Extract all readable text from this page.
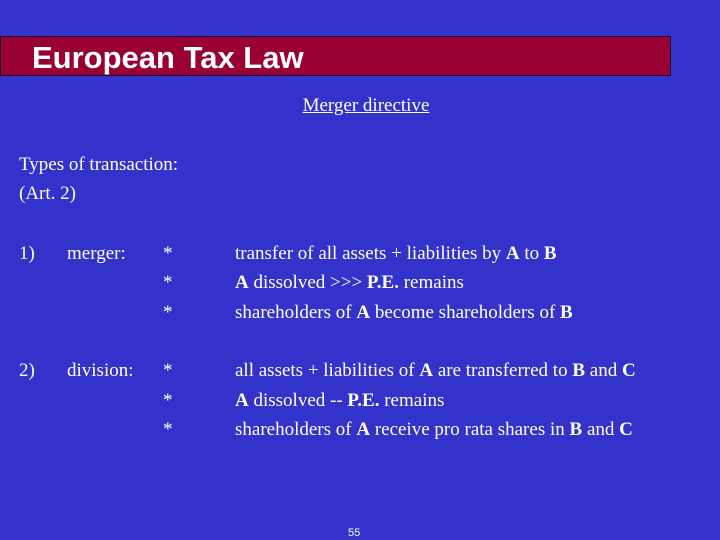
European Tax Law
Merger directive
Types of transaction:
(Art. 2)
1) merger: *	transfer of all assets + liabilities by A to B
*	A dissolved >>> P.E. remains
*	shareholders of A become shareholders of B
2) division: *	all assets + liabilities of A are transferred to B and C
*	A dissolved -- P.E. remains
*	shareholders of A receive pro rata shares in B and C
55
